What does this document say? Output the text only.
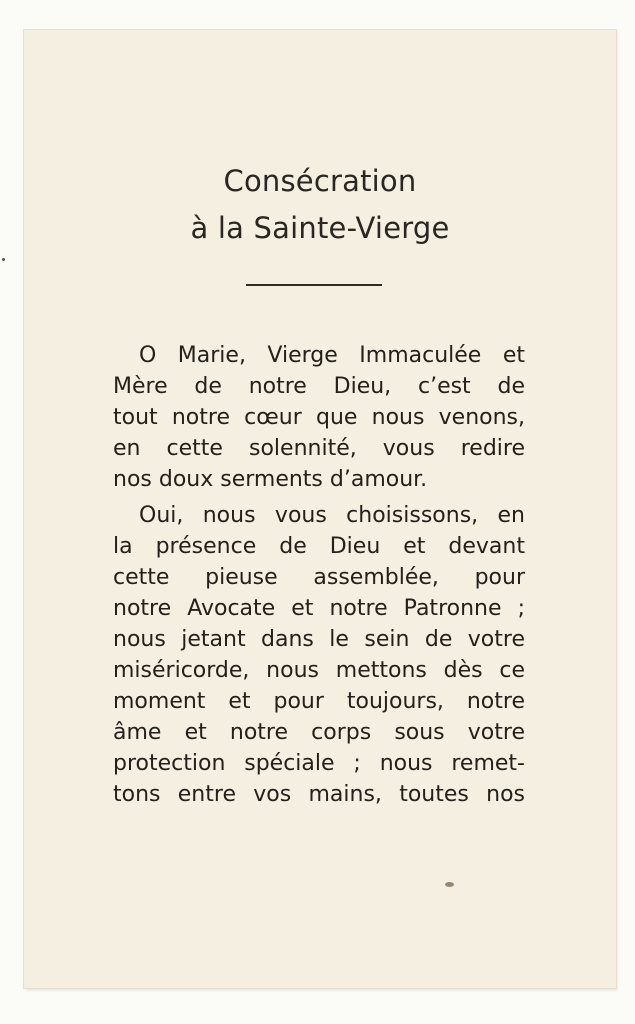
Consécration
à la Sainte-Vierge
O Marie, Vierge Immaculée et
Mère de notre Dieu, c’est de
tout notre cœur que nous venons,
en cette solennité, vous redire
nos doux serments d’amour.
Oui, nous vous choisissons, en
la présence de Dieu et devant
cette pieuse assemblée, pour
notre Avocate et notre Patronne ;
nous jetant dans le sein de votre
miséricorde, nous mettons dès ce
moment et pour toujours, notre
âme et notre corps sous votre
protection spéciale ; nous remet-
tons entre vos mains, toutes nos
